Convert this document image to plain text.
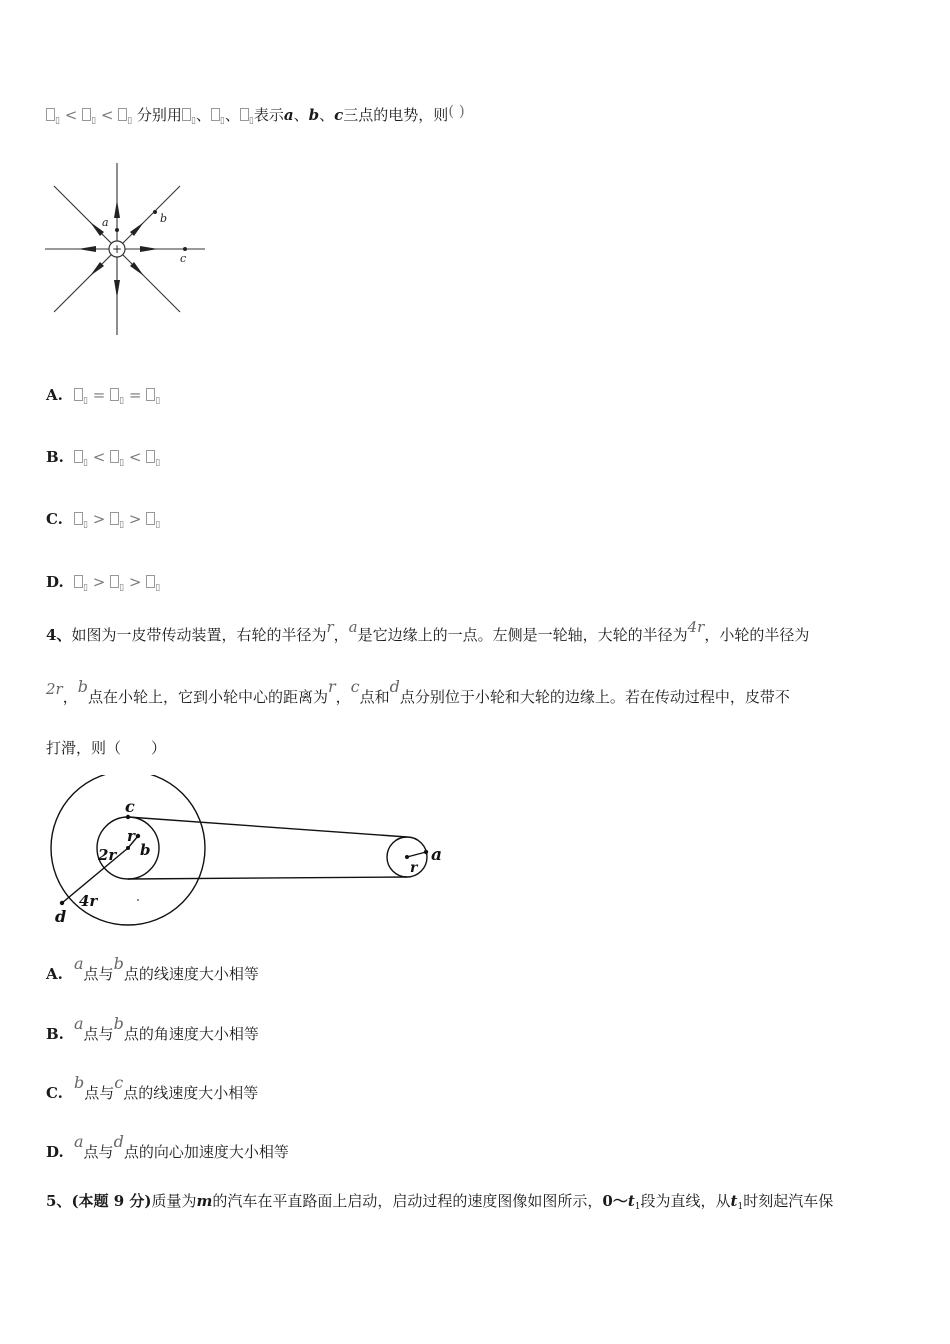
$_▯$ < $_▯$ < $_▯$ 分别用 $_▯$、 $_▯$、 $_▯$表示a、b、c三点的电势，则( )
+
a	b
c
A. $_▯$ = $_▯$ = $_▯$
B. $_▯$ < $_▯$ < $_▯$
C. $_▯$ > $_▯$ > $_▯$
D. $_▯$ > $_▯$ > $_▯$
4、如图为一皮带传动装置，右轮的半径为r，a是它边缘上的一点。左侧是一轮轴，大轮的半径为4r，小轮的半径为
2r，b点在小轮上，它到小轮中心的距离为r，c点和d点分别位于小轮和大轮的边缘上。若在传动过程中，皮带不
打滑，则（　　）
c
r
2r b	a
r
4r
d
A.a点与b点的线速度大小相等
B.a点与b点的角速度大小相等
C.b点与c点的线速度大小相等
D.a点与d点的向心加速度大小相等
5、(本题 9 分)质量为m的汽车在平直路面上启动，启动过程的速度图像如图所示，$0\sim t_1$段为直线，从$t_1$时刻起汽车保
